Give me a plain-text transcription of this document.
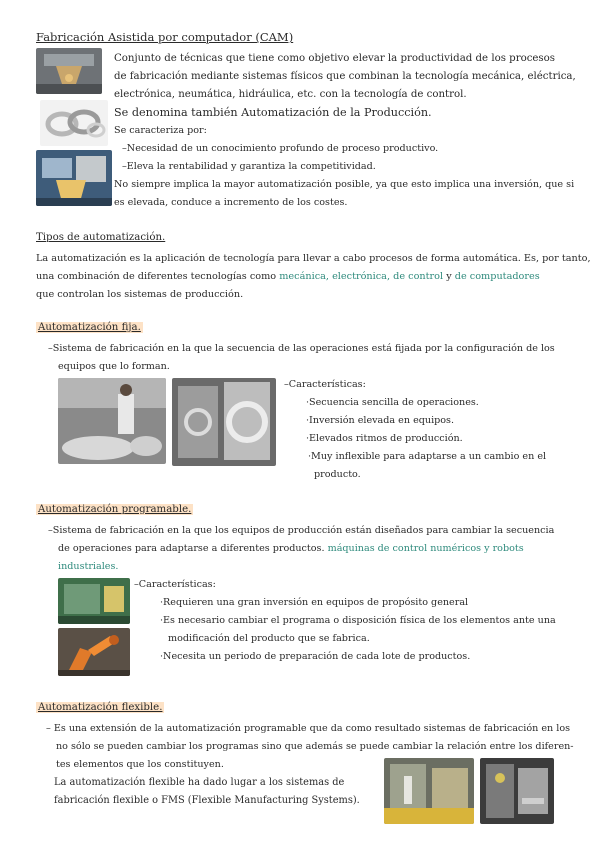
Fabricación Asistida por computador (CAM)
Conjunto de técnicas que tiene como objetivo elevar la productividad de los procesos
de fabricación mediante sistemas físicos que combinan la tecnología mecánica, eléctrica,
electrónica, neumática, hidráulica, etc. con la tecnología de control.
Se denomina también Automatización de la Producción.
Se caracteriza por:
–Necesidad de un conocimiento profundo de proceso productivo.
–Eleva la rentabilidad y garantiza la competitividad.
No siempre implica la mayor automatización posible, ya que esto implica una inversión, que si
es elevada, conduce a incremento de los costes.
Tipos de automatización.
La automatización es la aplicación de tecnología para llevar a cabo procesos de forma automática. Es, por tanto,
una combinación de diferentes tecnologías como mecánica, electrónica, de control y de computadores
que controlan los sistemas de producción.
Automatización fija.
–Sistema de fabricación en la que la secuencia de las operaciones está fijada por la configuración de los
equipos que lo forman.
–Características:
·Secuencia sencilla de operaciones.
·Inversión elevada en equipos.
·Elevados ritmos de producción.
·Muy inflexible para adaptarse a un cambio en el
producto.
Automatización programable.
–Sistema de fabricación en la que los equipos de producción están diseñados para cambiar la secuencia
de operaciones para adaptarse a diferentes productos. máquinas de control numéricos y robots
industriales.
–Características:
·Requieren una gran inversión en equipos de propósito general
·Es necesario cambiar el programa o disposición física de los elementos ante una
modificación del producto que se fabrica.
·Necesita un periodo de preparación de cada lote de productos.
Automatización flexible.
– Es una extensión de la automatización programable que da como resultado sistemas de fabricación en los
no sólo se pueden cambiar los programas sino que además se puede cambiar la relación entre los diferen-
tes elementos que los constituyen.
La automatización flexible ha dado lugar a los sistemas de
fabricación flexible o FMS (Flexible Manufacturing Systems).
